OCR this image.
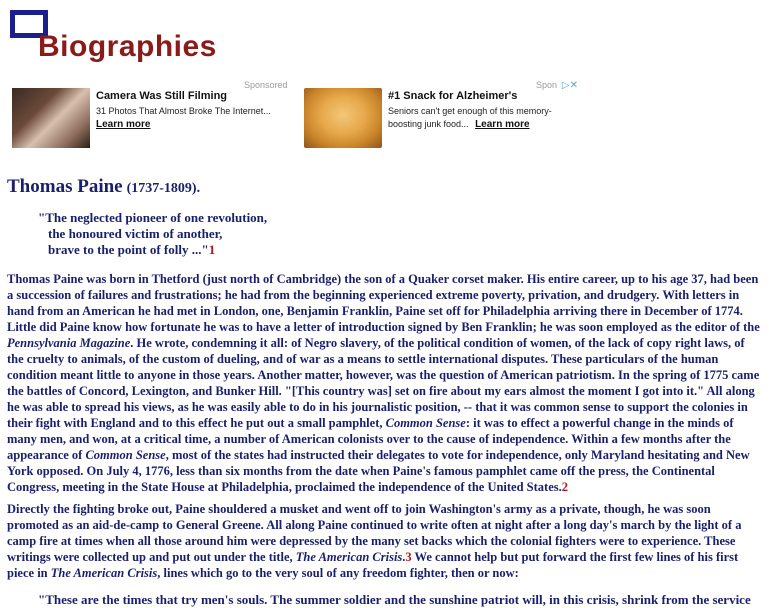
Biographies
Sponsored
Camera Was Still Filming
31 Photos That Almost Broke The Internet...
Learn more
Spon ▷✕
#1 Snack for Alzheimer's
Seniors can't get enough of this memory-boosting junk food... Learn more
Thomas Paine (1737-1809).
"The neglected pioneer of one revolution,
the honoured victim of another,
brave to the point of folly ..."1
Thomas Paine was born in Thetford (just north of Cambridge) the son of a Quaker corset maker. His entire career, up to his age 37, had been a succession of failures and frustrations; he had from the beginning experienced extreme poverty, privation, and drudgery. With letters in hand from an American he had met in London, one, Benjamin Franklin, Paine set off for Philadelphia arriving there in December of 1774. Little did Paine know how fortunate he was to have a letter of introduction signed by Ben Franklin; he was soon employed as the editor of the Pennsylvania Magazine. He wrote, condemning it all: of Negro slavery, of the political condition of women, of the lack of copy right laws, of the cruelty to animals, of the custom of dueling, and of war as a means to settle international disputes. These particulars of the human condition meant little to anyone in those years. Another matter, however, was the question of American patriotism. In the spring of 1775 came the battles of Concord, Lexington, and Bunker Hill. "[This country was] set on fire about my ears almost the moment I got into it." All along he was able to spread his views, as he was easily able to do in his journalistic position, -- that it was common sense to support the colonies in their fight with England and to this effect he put out a small pamphlet, Common Sense: it was to effect a powerful change in the minds of many men, and won, at a critical time, a number of American colonists over to the cause of independence. Within a few months after the appearance of Common Sense, most of the states had instructed their delegates to vote for independence, only Maryland hesitating and New York opposed. On July 4, 1776, less than six months from the date when Paine's famous pamphlet came off the press, the Continental Congress, meeting in the State House at Philadelphia, proclaimed the independence of the United States.2
Directly the fighting broke out, Paine shouldered a musket and went off to join Washington's army as a private, though, he was soon promoted as an aid-de-camp to General Greene. All along Paine continued to write often at night after a long day's march by the light of a camp fire at times when all those around him were depressed by the many set backs which the colonial fighters were to experience. These writings were collected up and put out under the title, The American Crisis.3 We cannot help but put forward the first few lines of his first piece in The American Crisis, lines which go to the very soul of any freedom fighter, then or now:
"These are the times that try men's souls. The summer soldier and the sunshine patriot will, in this crisis, shrink from the service
